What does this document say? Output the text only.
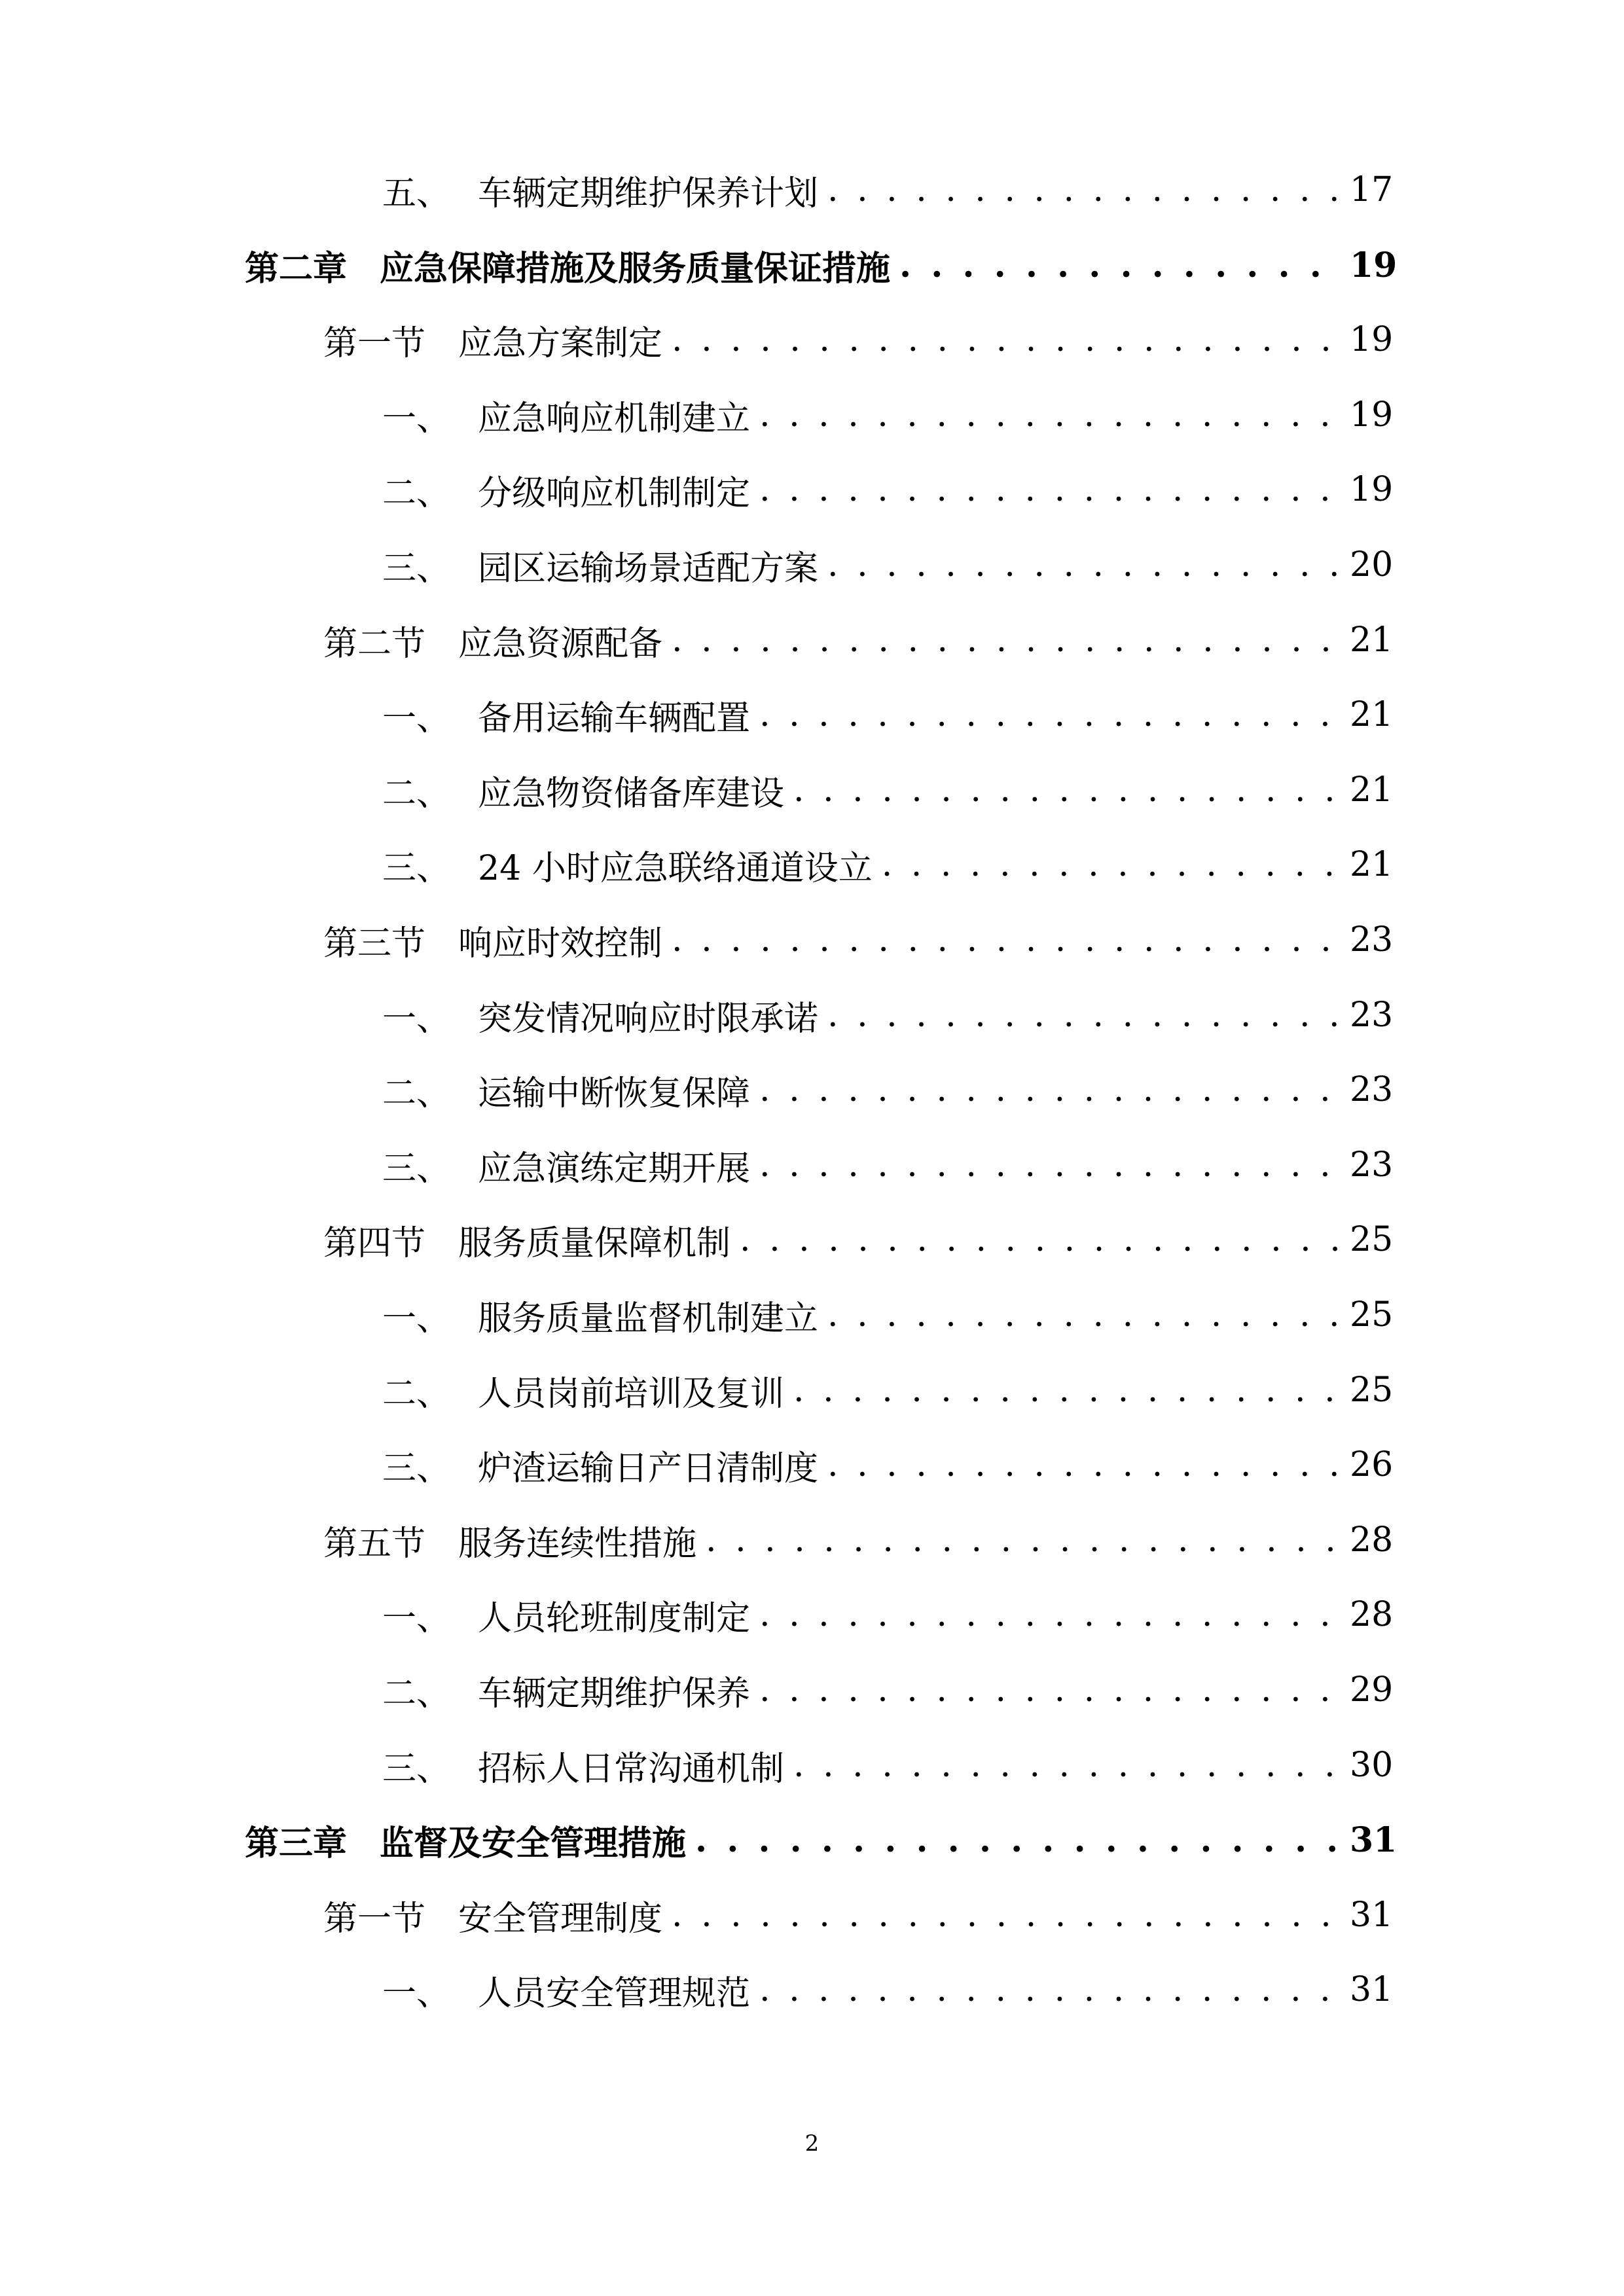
五、 车辆定期维护保养计划 . . .	17
第二章 应急保障措施及服务质量保证措施 . . .	19
第一节 应急方案制定 . . .	19
一、 应急响应机制建立 . . .	19
二、 分级响应机制制定 . . .	19
三、 园区运输场景适配方案 . . .	20
第二节 应急资源配备 . . .	21
一、 备用运输车辆配置 . . .	21
二、 应急物资储备库建设 . . .	21
三、 24 小时应急联络通道设立 . . .	21
第三节 响应时效控制 . . .	23
一、 突发情况响应时限承诺 . . .	23
二、 运输中断恢复保障 . . .	23
三、 应急演练定期开展 . . .	23
第四节 服务质量保障机制 . . .	25
一、 服务质量监督机制建立 . . .	25
二、 人员岗前培训及复训 . . .	25
三、 炉渣运输日产日清制度 . . .	26
第五节 服务连续性措施 . . .	28
一、 人员轮班制度制定 . . .	28
二、 车辆定期维护保养 . . .	29
三、 招标人日常沟通机制 . . .	30
第三章 监督及安全管理措施 . . .	31
第一节 安全管理制度 . . .	31
一、 人员安全管理规范 . . .	31
2
